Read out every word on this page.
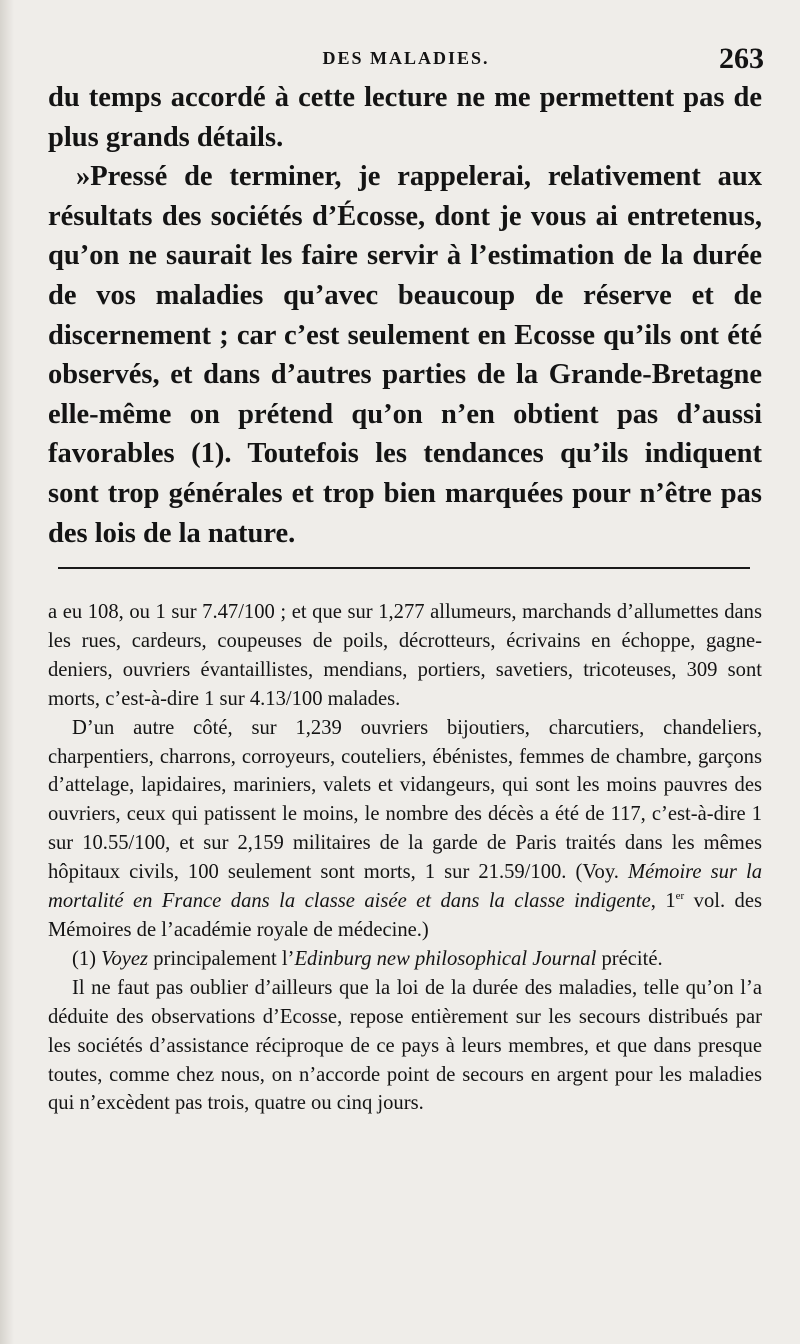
DES MALADIES.	263

du temps accordé à cette lecture ne me permettent pas de plus grands détails.

»Pressé de terminer, je rappelerai, relativement aux résultats des sociétés d’Écosse, dont je vous ai entretenus, qu’on ne saurait les faire servir à l’estimation de la durée de vos maladies qu’avec beaucoup de réserve et de discernement ; car c’est seulement en Ecosse qu’ils ont été observés, et dans d’autres parties de la Grande-Bretagne elle-même on prétend qu’on n’en obtient pas d’aussi favorables (1). Toutefois les tendances qu’ils indiquent sont trop générales et trop bien marquées pour n’être pas des lois de la nature.

a eu 108, ou 1 sur 7.47/100 ; et que sur 1,277 allumeurs, marchands d’allumettes dans les rues, cardeurs, coupeuses de poils, décrotteurs, écrivains en échoppe, gagne-deniers, ouvriers évantaillistes, mendians, portiers, savetiers, tricoteuses, 309 sont morts, c’est-à-dire 1 sur 4.13/100 malades.

D’un autre côté, sur 1,239 ouvriers bijoutiers, charcutiers, chandeliers, charpentiers, charrons, corroyeurs, couteliers, ébénistes, femmes de chambre, garçons d’attelage, lapidaires, mariniers, valets et vidangeurs, qui sont les moins pauvres des ouvriers, ceux qui patissent le moins, le nombre des décès a été de 117, c’est-à-dire 1 sur 10.55/100, et sur 2,159 militaires de la garde de Paris traités dans les mêmes hôpitaux civils, 100 seulement sont morts, 1 sur 21.59/100. (Voy. Mémoire sur la mortalité en France dans la classe aisée et dans la classe indigente, 1er vol. des Mémoires de l’académie royale de médecine.)

(1) Voyez principalement l’Edinburg new philosophical Journal précité.

Il ne faut pas oublier d’ailleurs que la loi de la durée des maladies, telle qu’on l’a déduite des observations d’Ecosse, repose entièrement sur les secours distribués par les sociétés d’assistance réciproque de ce pays à leurs membres, et que dans presque toutes, comme chez nous, on n’accorde point de secours en argent pour les maladies qui n’excèdent pas trois, quatre ou cinq jours.
